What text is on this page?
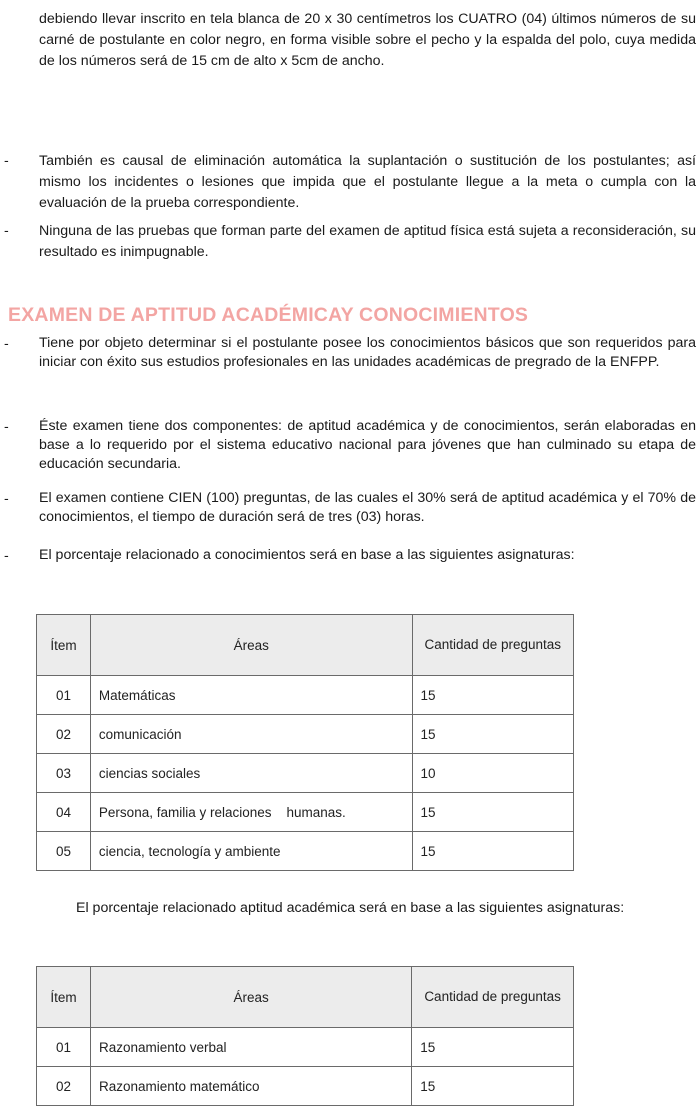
debiendo llevar inscrito en tela blanca de 20 x 30 centímetros los CUATRO (04) últimos números de su carné de postulante en color negro, en forma visible sobre el pecho y la espalda del polo, cuya medida de los números será de 15 cm de alto x 5cm de ancho.
- También es causal de eliminación automática la suplantación o sustitución de los postulantes; así mismo los incidentes o lesiones que impida que el postulante llegue a la meta o cumpla con la evaluación de la prueba correspondiente.
- Ninguna de las pruebas que forman parte del examen de aptitud física está sujeta a reconsideración, su resultado es inimpugnable.
EXAMEN DE APTITUD ACADÉMICAY CONOCIMIENTOS
- Tiene por objeto determinar si el postulante posee los conocimientos básicos que son requeridos para iniciar con éxito sus estudios profesionales en las unidades académicas de pregrado de la ENFPP.
- Éste examen tiene dos componentes: de aptitud académica y de conocimientos, serán elaboradas en base a lo requerido por el sistema educativo nacional para jóvenes que han culminado su etapa de educación secundaria.
- El examen contiene CIEN (100) preguntas, de las cuales el 30% será de aptitud académica y el 70% de conocimientos, el tiempo de duración será de tres (03) horas.
- El porcentaje relacionado a conocimientos será en base a las siguientes asignaturas:
Ítem	Áreas	Cantidad de preguntas
01	Matemáticas	15
02	comunicación	15
03	ciencias sociales	10
04	Persona, familia y relaciones    humanas.	15
05	ciencia, tecnología y ambiente	15
El porcentaje relacionado aptitud académica será en base a las siguientes asignaturas:
Ítem	Áreas	Cantidad de preguntas
01	Razonamiento verbal	15
02	Razonamiento matemático	15
